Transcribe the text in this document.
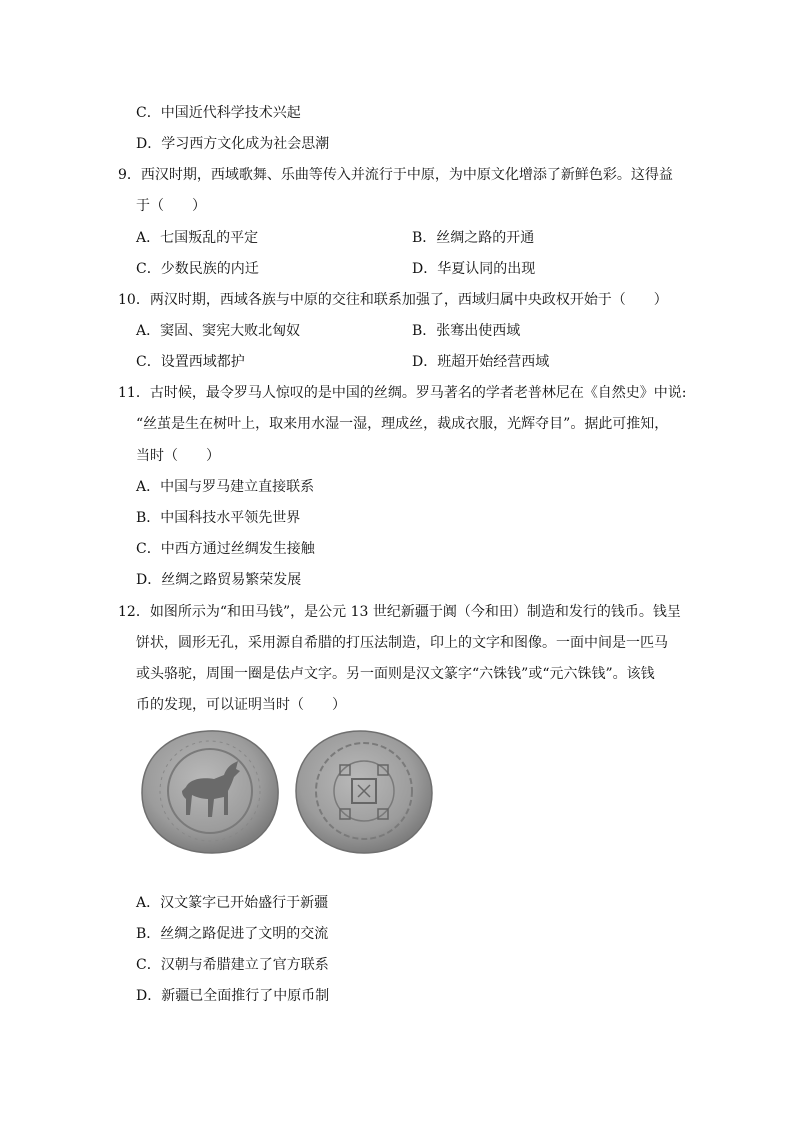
C．中国近代科学技术兴起
D．学习西方文化成为社会思潮
9．西汉时期，西域歌舞、乐曲等传入并流行于中原，为中原文化增添了新鲜色彩。这得益
于（　　）
A．七国叛乱的平定	B．丝绸之路的开通
C．少数民族的内迁	D．华夏认同的出现
10．两汉时期，西域各族与中原的交往和联系加强了，西域归属中央政权开始于（　　）
A．窦固、窦宪大败北匈奴	B．张骞出使西域
C．设置西域都护	D．班超开始经营西域
11．古时候，最令罗马人惊叹的是中国的丝绸。罗马著名的学者老普林尼在《自然史》中说:
“丝茧是生在树叶上，取来用水湿一湿，理成丝，裁成衣服，光辉夺目”。据此可推知，
当时（　　）
A．中国与罗马建立直接联系
B．中国科技水平领先世界
C．中西方通过丝绸发生接触
D．丝绸之路贸易繁荣发展
12．如图所示为“和田马钱”，是公元 13 世纪新疆于阗（今和田）制造和发行的钱币。钱呈
饼状，圆形无孔，采用源自希腊的打压法制造，印上的文字和图像。一面中间是一匹马
或头骆驼，周围一圈是佉卢文字。另一面则是汉文篆字“六铢钱”或“元六铢钱”。该钱
币的发现，可以证明当时（　　）
A．汉文篆字已开始盛行于新疆
B．丝绸之路促进了文明的交流
C．汉朝与希腊建立了官方联系
D．新疆已全面推行了中原币制
